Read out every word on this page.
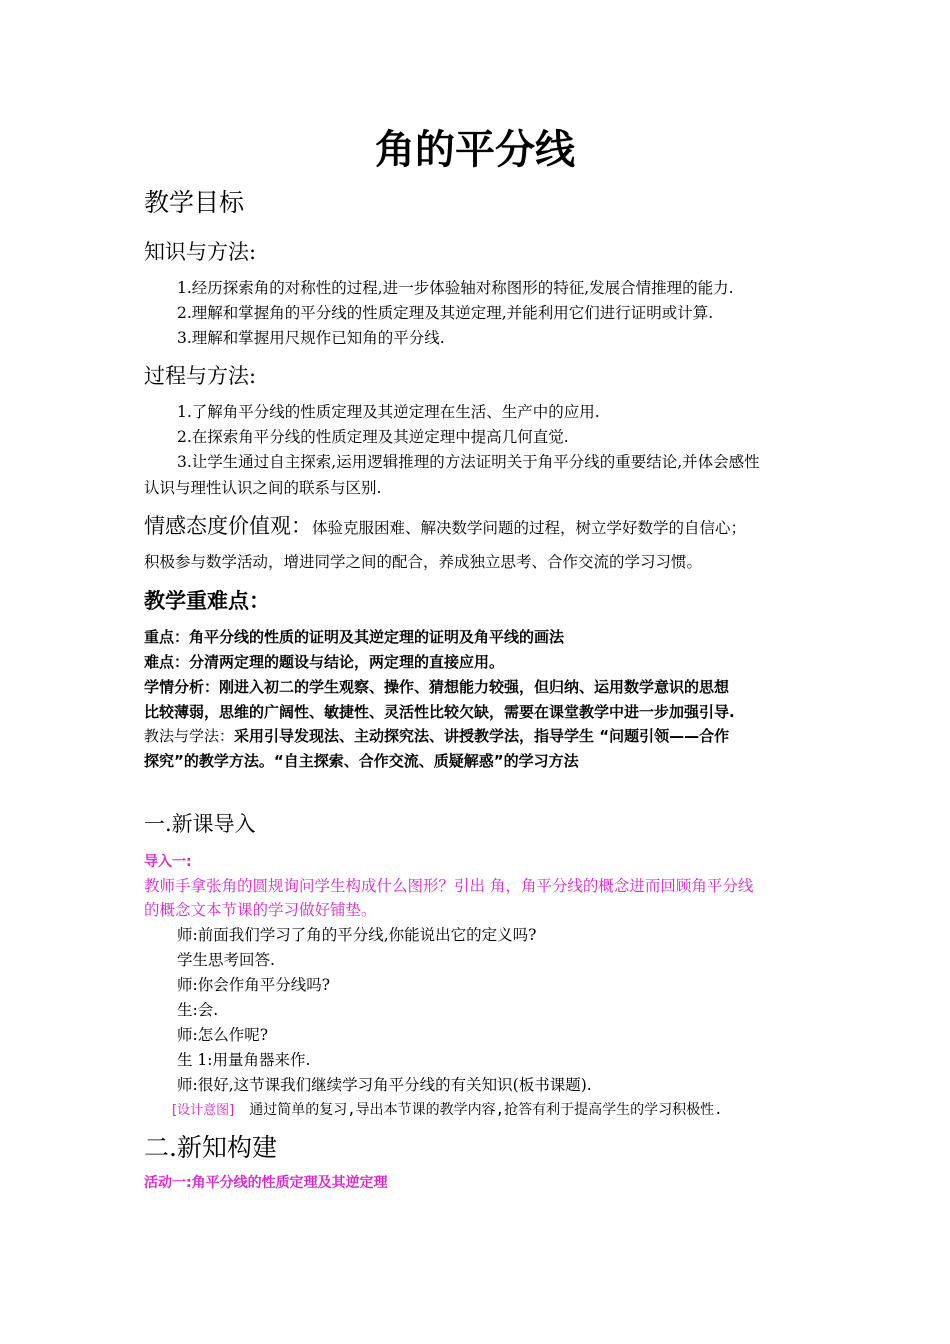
角的平分线
教学目标
知识与方法:
1.经历探索角的对称性的过程,进一步体验轴对称图形的特征,发展合情推理的能力.
2.理解和掌握角的平分线的性质定理及其逆定理,并能利用它们进行证明或计算.
3.理解和掌握用尺规作已知角的平分线.
过程与方法:
1.了解角平分线的性质定理及其逆定理在生活、生产中的应用.
2.在探索角平分线的性质定理及其逆定理中提高几何直觉.
3.让学生通过自主探索,运用逻辑推理的方法证明关于角平分线的重要结论,并体会感性
认识与理性认识之间的联系与区别.
情感态度价值观：体验克服困难、解决数学问题的过程，树立学好数学的自信心；
积极参与数学活动，增进同学之间的配合，养成独立思考、合作交流的学习习惯。
教学重难点：
重点：角平分线的性质的证明及其逆定理的证明及角平线的画法
难点：分清两定理的题设与结论，两定理的直接应用。
学情分析：刚进入初二的学生观察、操作、猜想能力较强，但归纳、运用数学意识的思想
比较薄弱，思维的广阔性、敏捷性、灵活性比较欠缺，需要在课堂教学中进一步加强引导.
教法与学法：采用引导发现法、主动探究法、讲授教学法，指导学生 “问题引领——合作
探究”的教学方法。“自主探索、合作交流、质疑解惑”的学习方法
一.新课导入
导入一:
教师手拿张角的圆规询问学生构成什么图形？引出 角，角平分线的概念进而回顾角平分线
的概念文本节课的学习做好铺垫。
师:前面我们学习了角的平分线,你能说出它的定义吗?
学生思考回答.
师:你会作角平分线吗?
生:会.
师:怎么作呢?
生 1:用量角器来作.
师:很好,这节课我们继续学习角平分线的有关知识(板书课题).
[设计意图] 通过简单的复习,导出本节课的教学内容,抢答有利于提高学生的学习积极性.
二.新知构建
活动一:角平分线的性质定理及其逆定理
